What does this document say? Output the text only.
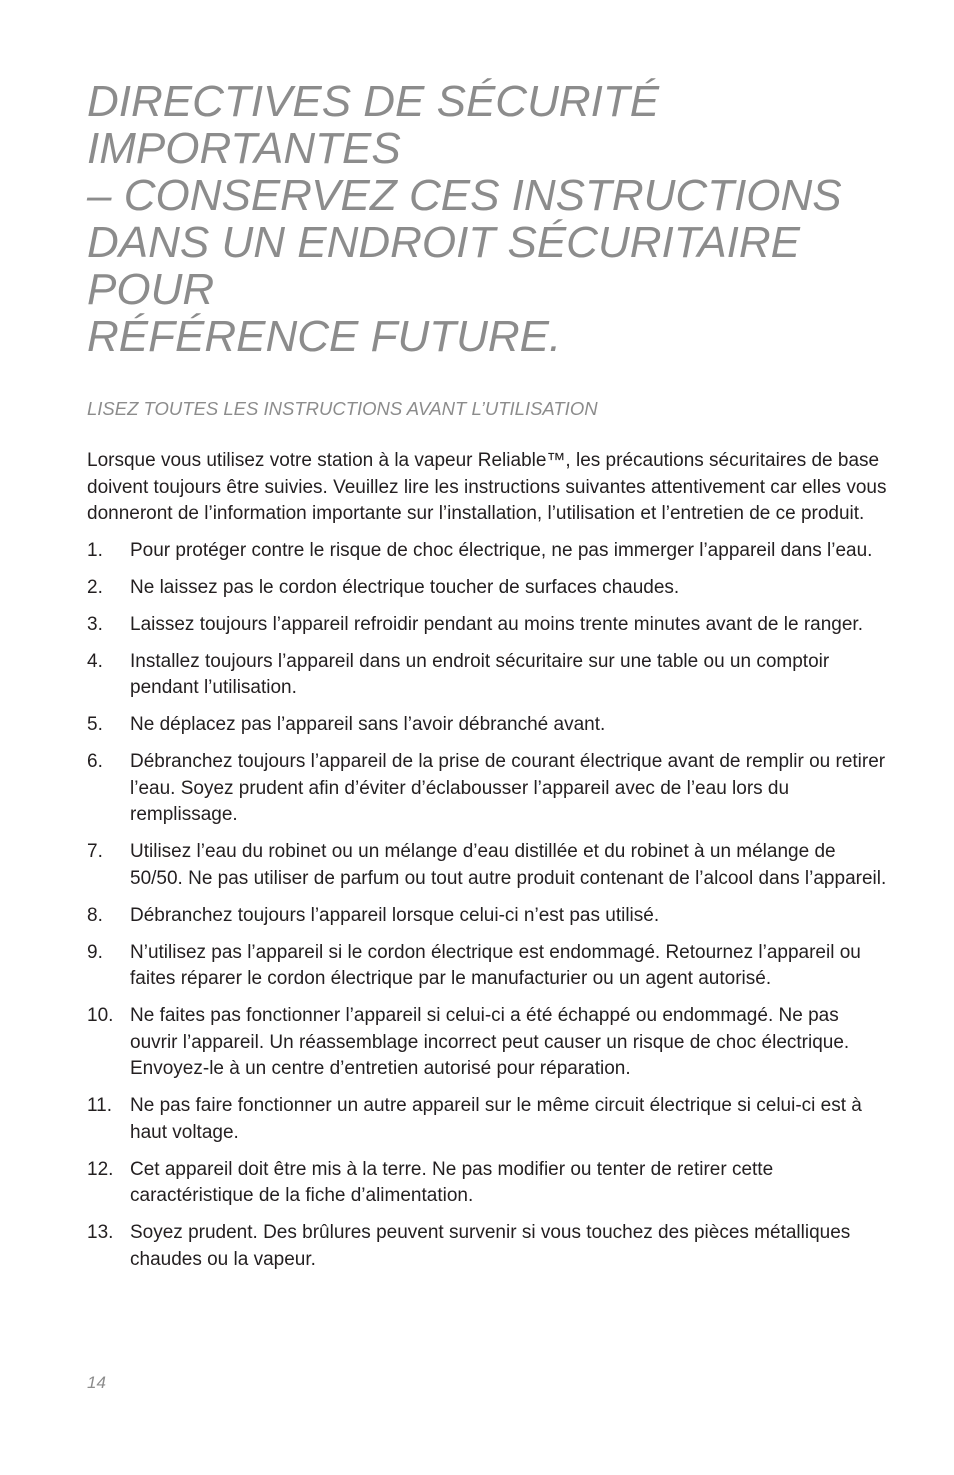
DIRECTIVES DE SÉCURITÉ IMPORTANTES
– CONSERVEZ CES INSTRUCTIONS
DANS UN ENDROIT SÉCURITAIRE POUR
RÉFÉRENCE FUTURE.

LISEZ TOUTES LES INSTRUCTIONS AVANT L’UTILISATION

Lorsque vous utilisez votre station à la vapeur Reliable™, les précautions sécuritaires de base doivent toujours être suivies. Veuillez lire les instructions suivantes attentivement car elles vous donneront de l’information importante sur l’installation, l’utilisation et l’entretien de ce produit.

1.	Pour protéger contre le risque de choc électrique, ne pas immerger l’appareil dans l’eau.
2.	Ne laissez pas le cordon électrique toucher de surfaces chaudes.
3.	Laissez toujours l’appareil refroidir pendant au moins trente minutes avant de le ranger.
4.	Installez toujours l’appareil dans un endroit sécuritaire sur une table ou un comptoir pendant l’utilisation.
5.	Ne déplacez pas l’appareil sans l’avoir débranché avant.
6.	Débranchez toujours l’appareil de la prise de courant électrique avant de remplir ou retirer l’eau. Soyez prudent afin d’éviter d’éclabousser l’appareil avec de l’eau lors du remplissage.
7.	Utilisez l’eau du robinet ou un mélange d’eau distillée et du robinet à un mélange de 50/50. Ne pas utiliser de parfum ou tout autre produit contenant de l’alcool dans l’appareil.
8.	Débranchez toujours l’appareil lorsque celui-ci n’est pas utilisé.
9.	N’utilisez pas l’appareil si le cordon électrique est endommagé. Retournez l’appareil ou faites réparer le cordon électrique par le manufacturier ou un agent autorisé.
10. Ne faites pas fonctionner l’appareil si celui-ci a été échappé ou endommagé. Ne pas ouvrir l’appareil. Un réassemblage incorrect peut causer un risque de choc électrique. Envoyez-le à un centre d’entretien autorisé pour réparation.
11. Ne pas faire fonctionner un autre appareil sur le même circuit électrique si celui-ci est à haut voltage.
12. Cet appareil doit être mis à la terre. Ne pas modifier ou tenter de retirer cette caractéristique de la fiche d’alimentation.
13. Soyez prudent. Des brûlures peuvent survenir si vous touchez des pièces métalliques chaudes ou la vapeur.
14
